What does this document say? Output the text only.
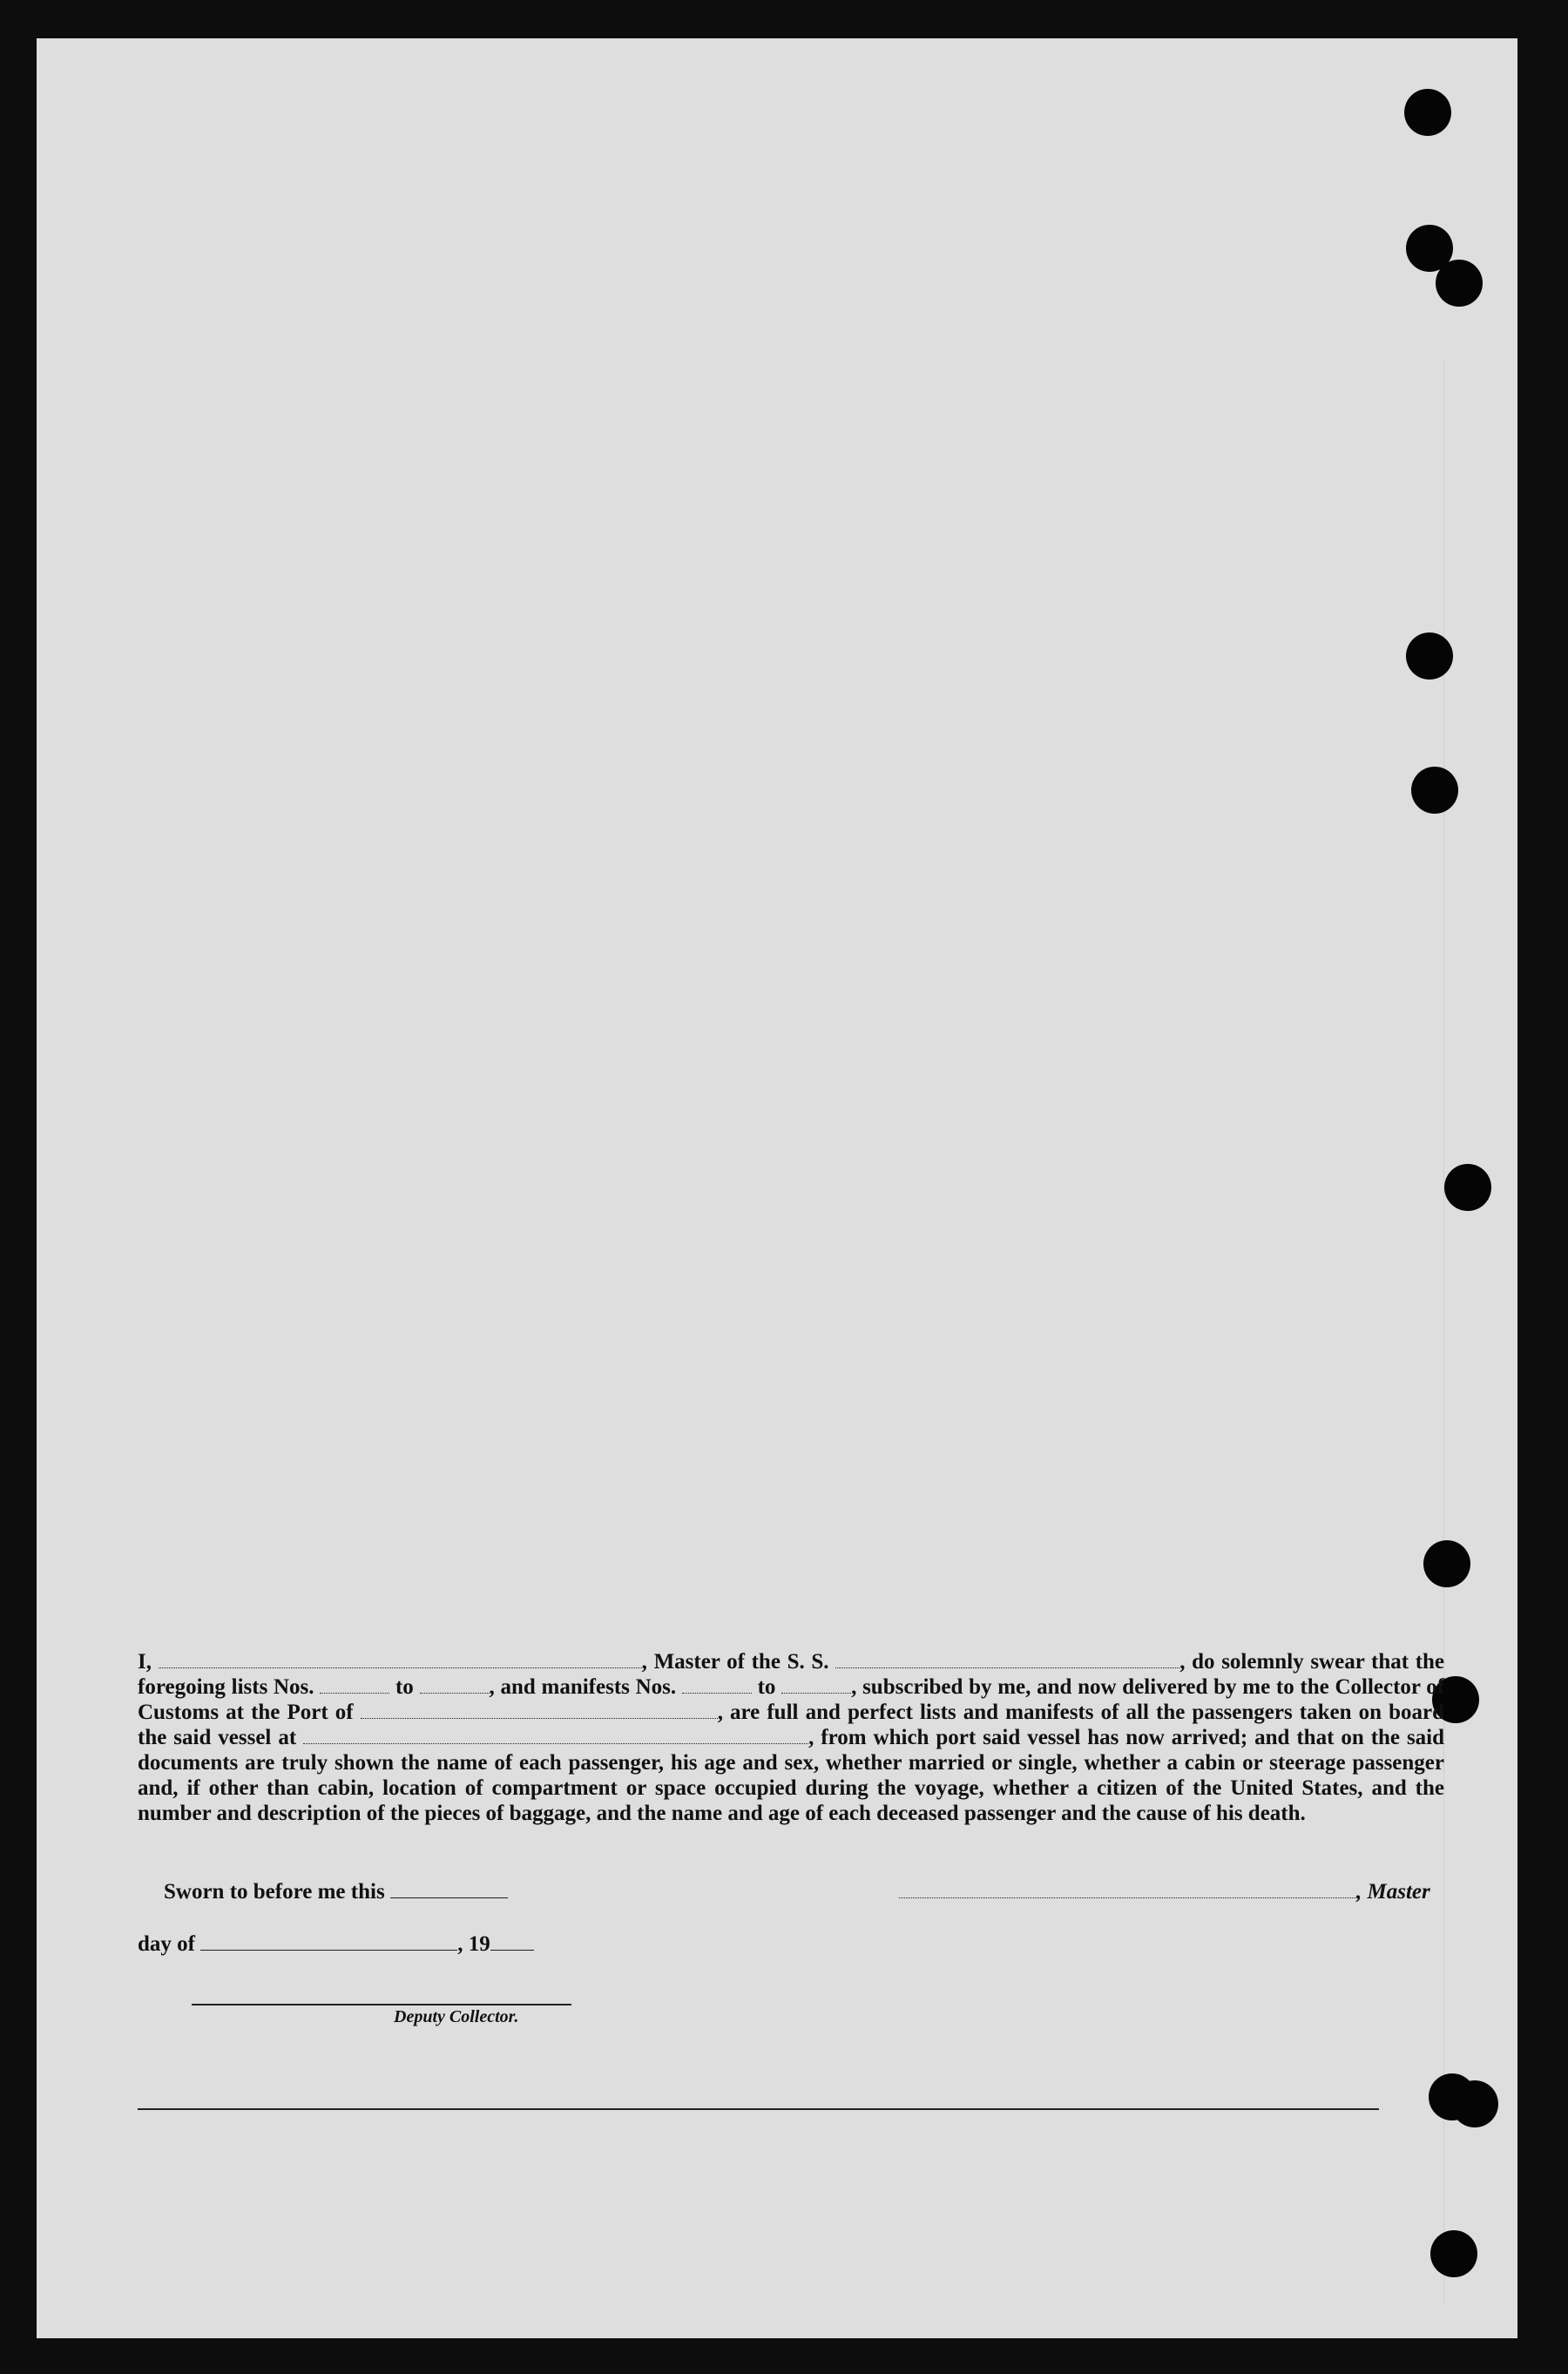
I,	, Master of the S. S.	, do solemnly swear that the foregoing lists Nos.	to	, and manifests Nos.	to	, subscribed by me, and now delivered by me to the Collector of Customs at the Port of	, are full and perfect lists and manifests of all the passengers taken on board the said vessel at	, from which port said vessel has now arrived; and that on the said documents are truly shown the name of each passenger, his age and sex, whether married or single, whether a cabin or steerage passenger and, if other than cabin, location of compartment or space occupied during the voyage, whether a citizen of the United States, and the number and description of the pieces of baggage, and the name and age of each deceased passenger and the cause of his death.
Sworn to before me this	, Master
day of	, 19
Deputy Collector.
